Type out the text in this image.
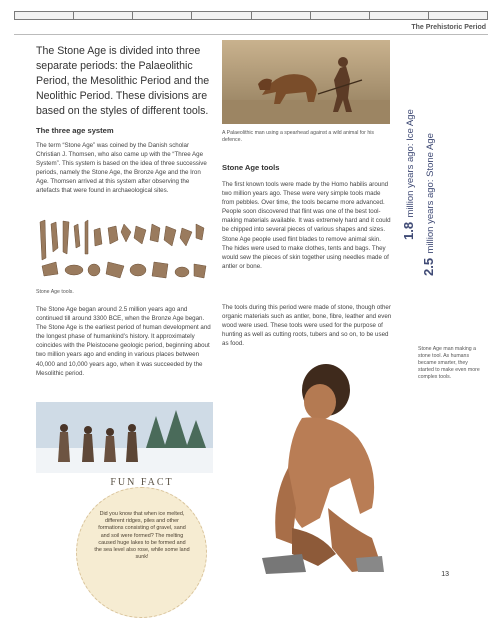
The Prehistoric Period
The Stone Age is divided into three separate periods: the Palaeolithic Period, the Mesolithic Period and the Neolithic Period. These divisions are based on the styles of different tools.
The three age system
The term “Stone Age” was coined by the Danish scholar Christian J. Thomsen, who also came up with the “Three Age System”. This system is based on the idea of three successive periods, namely the Stone Age, the Bronze Age and the Iron Age. Thomsen arrived at this system after observing the artefacts that were found in archaeological sites.
Stone Age tools.
The Stone Age began around 2.5 million years ago and continued till around 3300 BCE, when the Bronze Age began. The Stone Age is the earliest period of human development and the longest phase of humankind’s history. It approximately coincides with the Pleistocene geologic period, beginning about two million years ago and ending in various places between 40,000 and 10,000 years ago, when it was succeeded by the Mesolithic period.
A Palaeolithic man using a spearhead against a wild animal for his defence.
Stone Age tools
The first known tools were made by the Homo habilis around two million years ago. These were very simple tools made from pebbles. Over time, the tools became more advanced. People soon discovered that flint was one of the best tool-making materials available. It was extremely hard and it could be chipped into several pieces of various shapes and sizes. Stone Age people used flint blades to remove animal skin. The hides were used to make clothes, tents and bags. They would sew the pieces of skin together using needles made of antler or bone.
The tools during this period were made of stone, though other organic materials such as antler, bone, fibre, leather and even wood were used. These tools were used for the purpose of hunting as well as cutting roots, tubers and so on, to be used as food.
1.8 million years ago: Ice Age
2.5 million years ago: Stone Age
Stone Age man making a stone tool. As humans became smarter, they started to make even more complex tools.
FUN FACT
Did you know that when ice melted, different ridges, piles and other formations consisting of gravel, sand and soil were formed? The melting caused huge lakes to be formed and the sea level also rose, while some land sunk!
13
